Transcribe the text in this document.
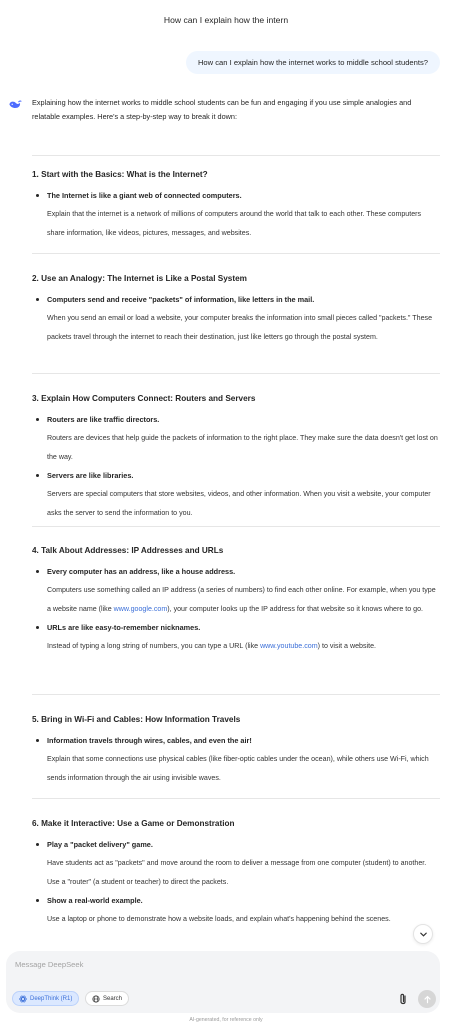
How can I explain how the intern
How can I explain how the internet works to middle school students?

Explaining how the internet works to middle school students can be fun and engaging if you use simple analogies and relatable examples. Here's a step-by-step way to break it down:

1. Start with the Basics: What is the Internet?
The Internet is like a giant web of connected computers.
Explain that the internet is a network of millions of computers around the world that talk to each other. These computers share information, like videos, pictures, messages, and websites.
2. Use an Analogy: The Internet is Like a Postal System
Computers send and receive "packets" of information, like letters in the mail.
When you send an email or load a website, your computer breaks the information into small pieces called "packets." These packets travel through the internet to reach their destination, just like letters go through the postal system.
3. Explain How Computers Connect: Routers and Servers
Routers are like traffic directors.
Routers are devices that help guide the packets of information to the right place. They make sure the data doesn't get lost on the way.
Servers are like libraries.
Servers are special computers that store websites, videos, and other information. When you visit a website, your computer asks the server to send the information to you.
4. Talk About Addresses: IP Addresses and URLs
Every computer has an address, like a house address.
Computers use something called an IP address (a series of numbers) to find each other online. For example, when you type a website name (like www.google.com), your computer looks up the IP address for that website so it knows where to go.
URLs are like easy-to-remember nicknames.
Instead of typing a long string of numbers, you can type a URL (like www.youtube.com) to visit a website.
5. Bring in Wi-Fi and Cables: How Information Travels
Information travels through wires, cables, and even the air!
Explain that some connections use physical cables (like fiber-optic cables under the ocean), while others use Wi-Fi, which sends information through the air using invisible waves.
6. Make it Interactive: Use a Game or Demonstration
Play a "packet delivery" game.
Have students act as "packets" and move around the room to deliver a message from one computer (student) to another. Use a "router" (a student or teacher) to direct the packets.
Show a real-world example.
Use a laptop or phone to demonstrate how a website loads, and explain what's happening behind the scenes.
Message DeepSeek
DeepThink (R1)	Search
AI-generated, for reference only
